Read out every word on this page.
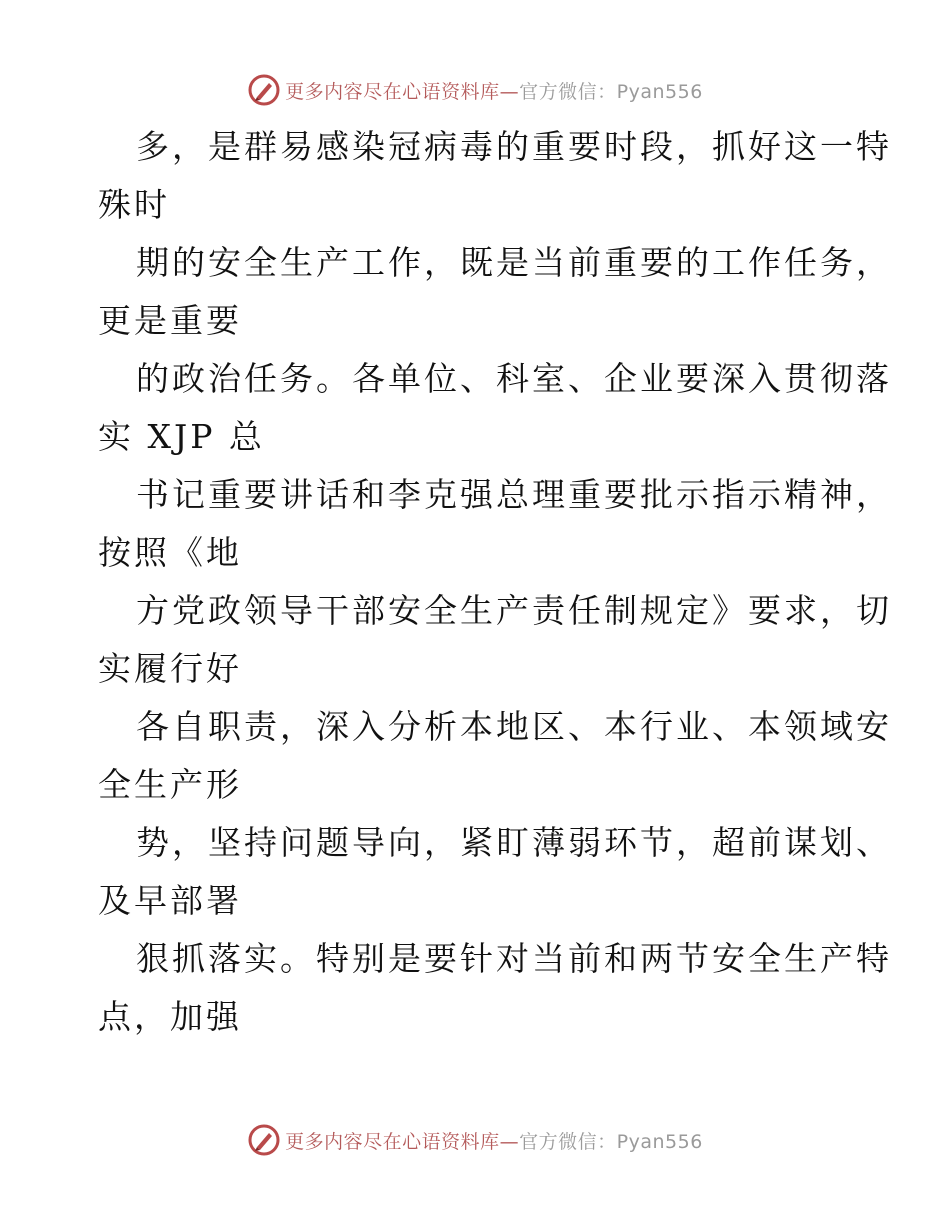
更多内容尽在心语资料库—官方微信：Pyan556

多，是群易感染冠病毒的重要时段，抓好这一特
殊时

期的安全生产工作，既是当前重要的工作任务，
更是重要

的政治任务。各单位、科室、企业要深入贯彻落
实 XJP 总

书记重要讲话和李克强总理重要批示指示精神，
按照《地

方党政领导干部安全生产责任制规定》要求，切
实履行好

各自职责，深入分析本地区、本行业、本领域安
全生产形

势，坚持问题导向，紧盯薄弱环节，超前谋划、
及早部署

狠抓落实。特别是要针对当前和两节安全生产特
点，加强

更多内容尽在心语资料库—官方微信：Pyan556
